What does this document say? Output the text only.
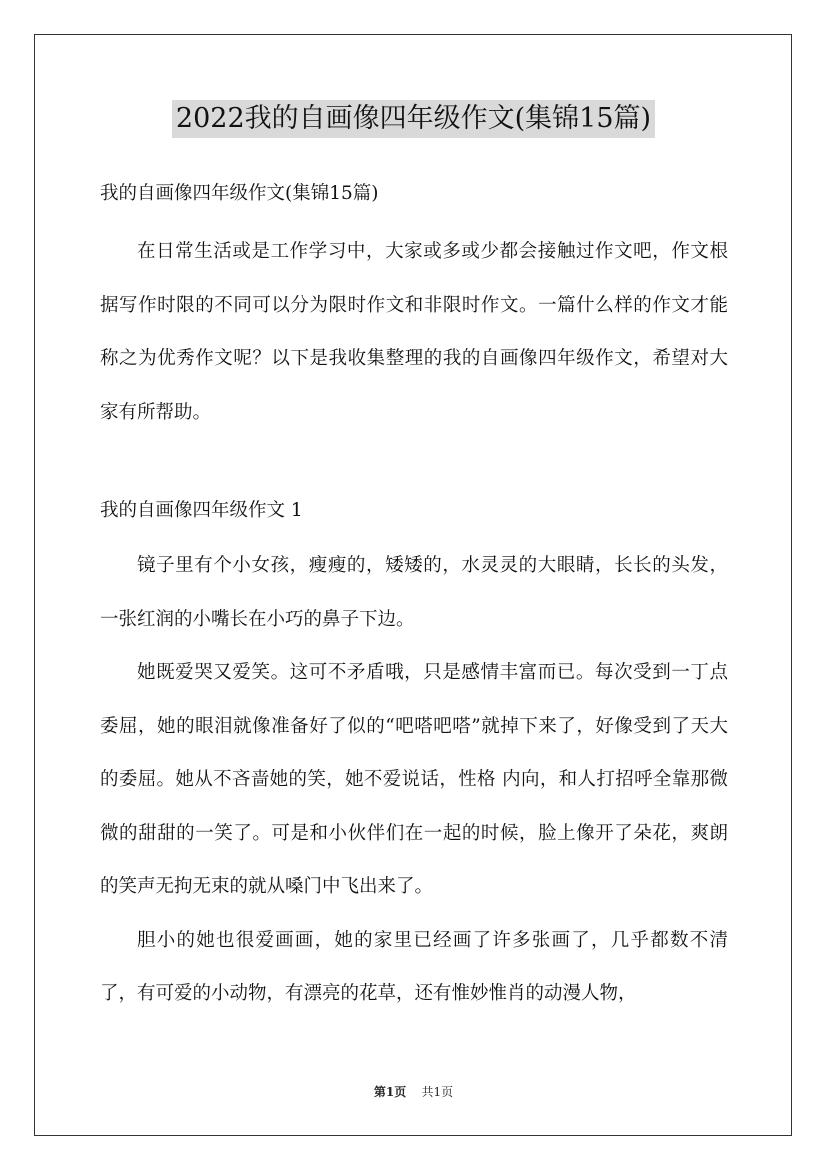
2022我的自画像四年级作文(集锦15篇)
我的自画像四年级作文(集锦15篇)

在日常生活或是工作学习中，大家或多或少都会接触过作文吧，作文根据写作时限的不同可以分为限时作文和非限时作文。一篇什么样的作文才能称之为优秀作文呢？以下是我收集整理的我的自画像四年级作文，希望对大家有所帮助。

我的自画像四年级作文 1

镜子里有个小女孩，瘦瘦的，矮矮的，水灵灵的大眼睛，长长的头发，一张红润的小嘴长在小巧的鼻子下边。

她既爱哭又爱笑。这可不矛盾哦，只是感情丰富而已。每次受到一丁点委屈，她的眼泪就像准备好了似的“吧嗒吧嗒”就掉下来了，好像受到了天大的委屈。她从不吝啬她的笑，她不爱说话，性格 内向，和人打招呼全靠那微微的甜甜的一笑了。可是和小伙伴们在一起的时候，脸上像开了朵花，爽朗的笑声无拘无束的就从嗓门中飞出来了。

胆小的她也很爱画画，她的家里已经画了许多张画了，几乎都数不清了，有可爱的小动物，有漂亮的花草，还有惟妙惟肖的动漫人物，

第1页 共1页
